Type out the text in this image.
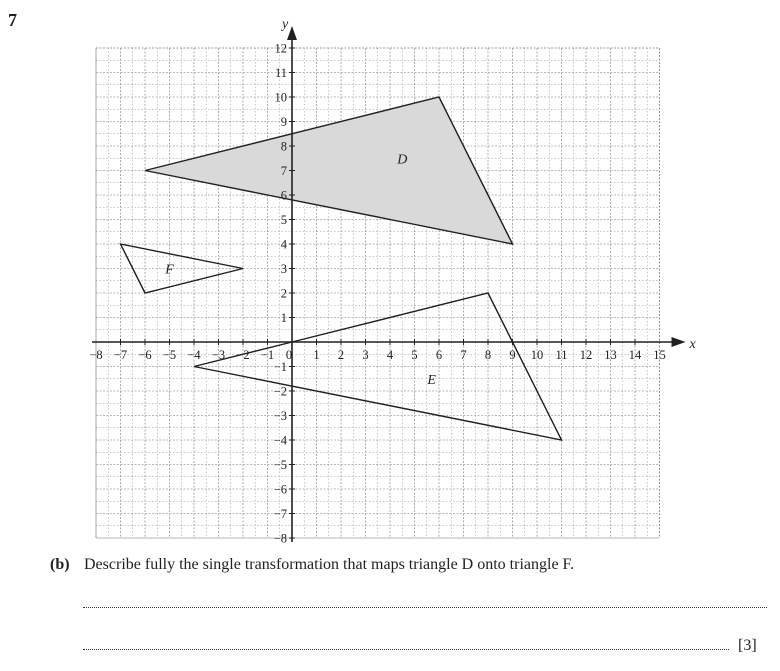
7
D
E
F
x
y
−8 −7 −6 −5 −4 −3 −2 −1 0 1 2 3 4 5 6 7 8 9 10 11 12 13 14 15
−8
−7
−6
−5
−4
−3
−2
−1
1
2
3
4
5
6
7
8
9
10
11
12
(b) Describe fully the single transformation that maps triangle D onto triangle F.
[3]
